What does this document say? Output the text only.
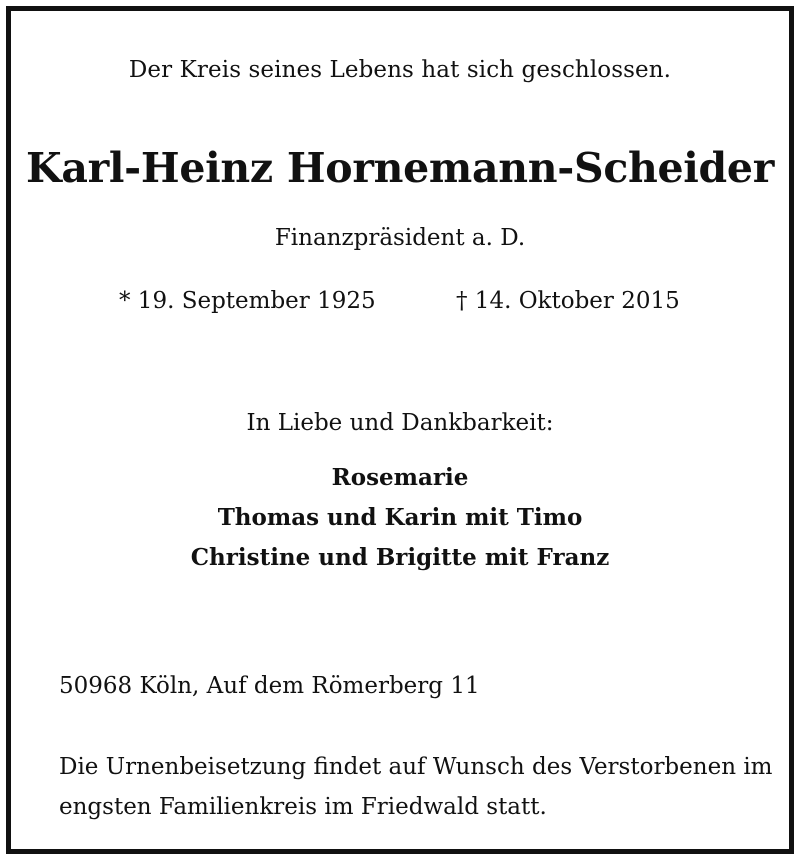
Der Kreis seines Lebens hat sich geschlossen.
Karl-Heinz Hornemann-Scheider
Finanzpräsident a. D.
* 19. September 1925	† 14. Oktober 2015
In Liebe und Dankbarkeit:
Rosemarie
Thomas und Karin mit Timo
Christine und Brigitte mit Franz
50968 Köln, Auf dem Römerberg 11
Die Urnenbeisetzung findet auf Wunsch des Verstorbenen im
engsten Familienkreis im Friedwald statt.
